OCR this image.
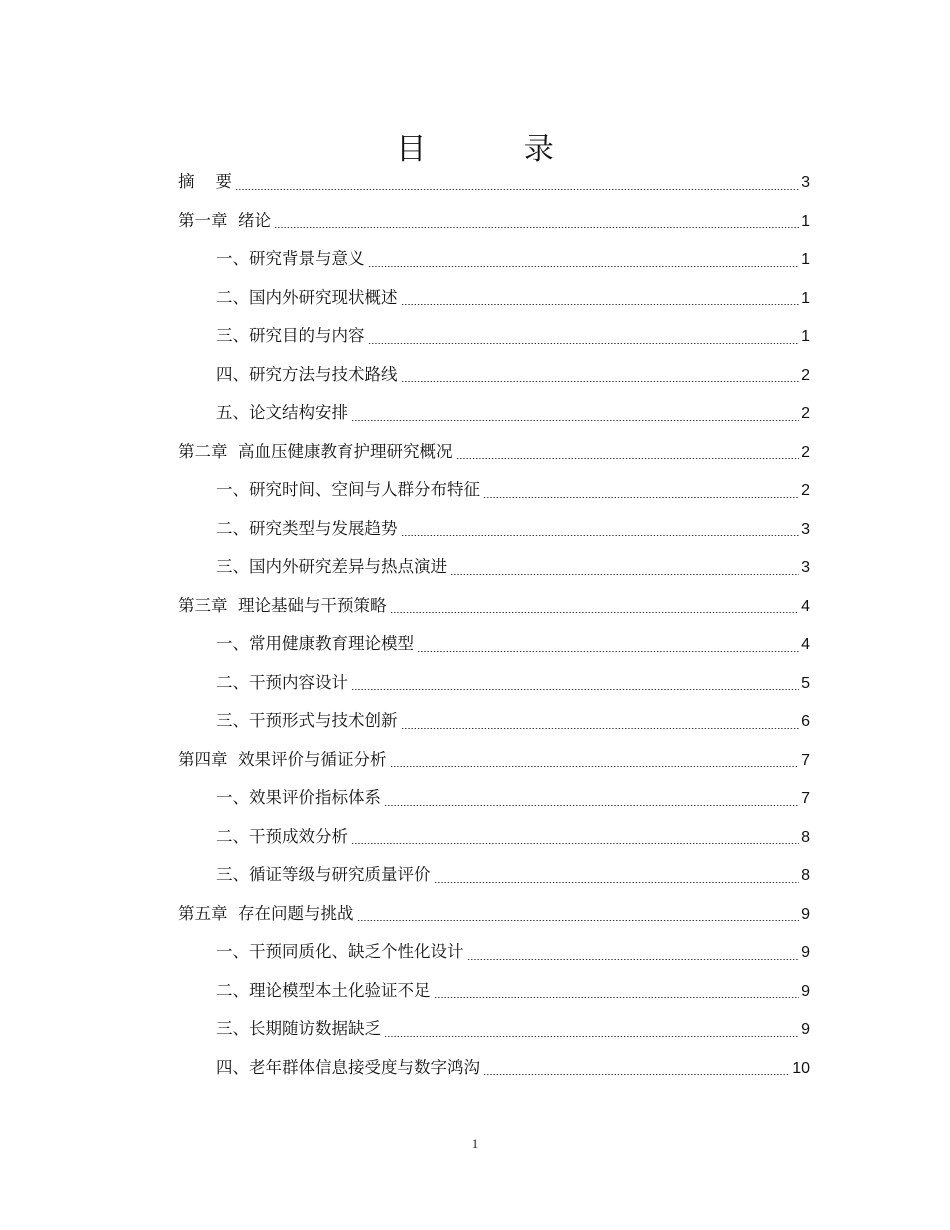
目 录
摘    要	3
第一章  绪论	1
一、研究背景与意义	1
二、国内外研究现状概述	1
三、研究目的与内容	1
四、研究方法与技术路线	2
五、论文结构安排	2
第二章  高血压健康教育护理研究概况	2
一、研究时间、空间与人群分布特征	2
二、研究类型与发展趋势	3
三、国内外研究差异与热点演进	3
第三章  理论基础与干预策略	4
一、常用健康教育理论模型	4
二、干预内容设计	5
三、干预形式与技术创新	6
第四章  效果评价与循证分析	7
一、效果评价指标体系	7
二、干预成效分析	8
三、循证等级与研究质量评价	8
第五章  存在问题与挑战	9
一、干预同质化、缺乏个性化设计	9
二、理论模型本土化验证不足	9
三、长期随访数据缺乏	9
四、老年群体信息接受度与数字鸿沟	10
1
